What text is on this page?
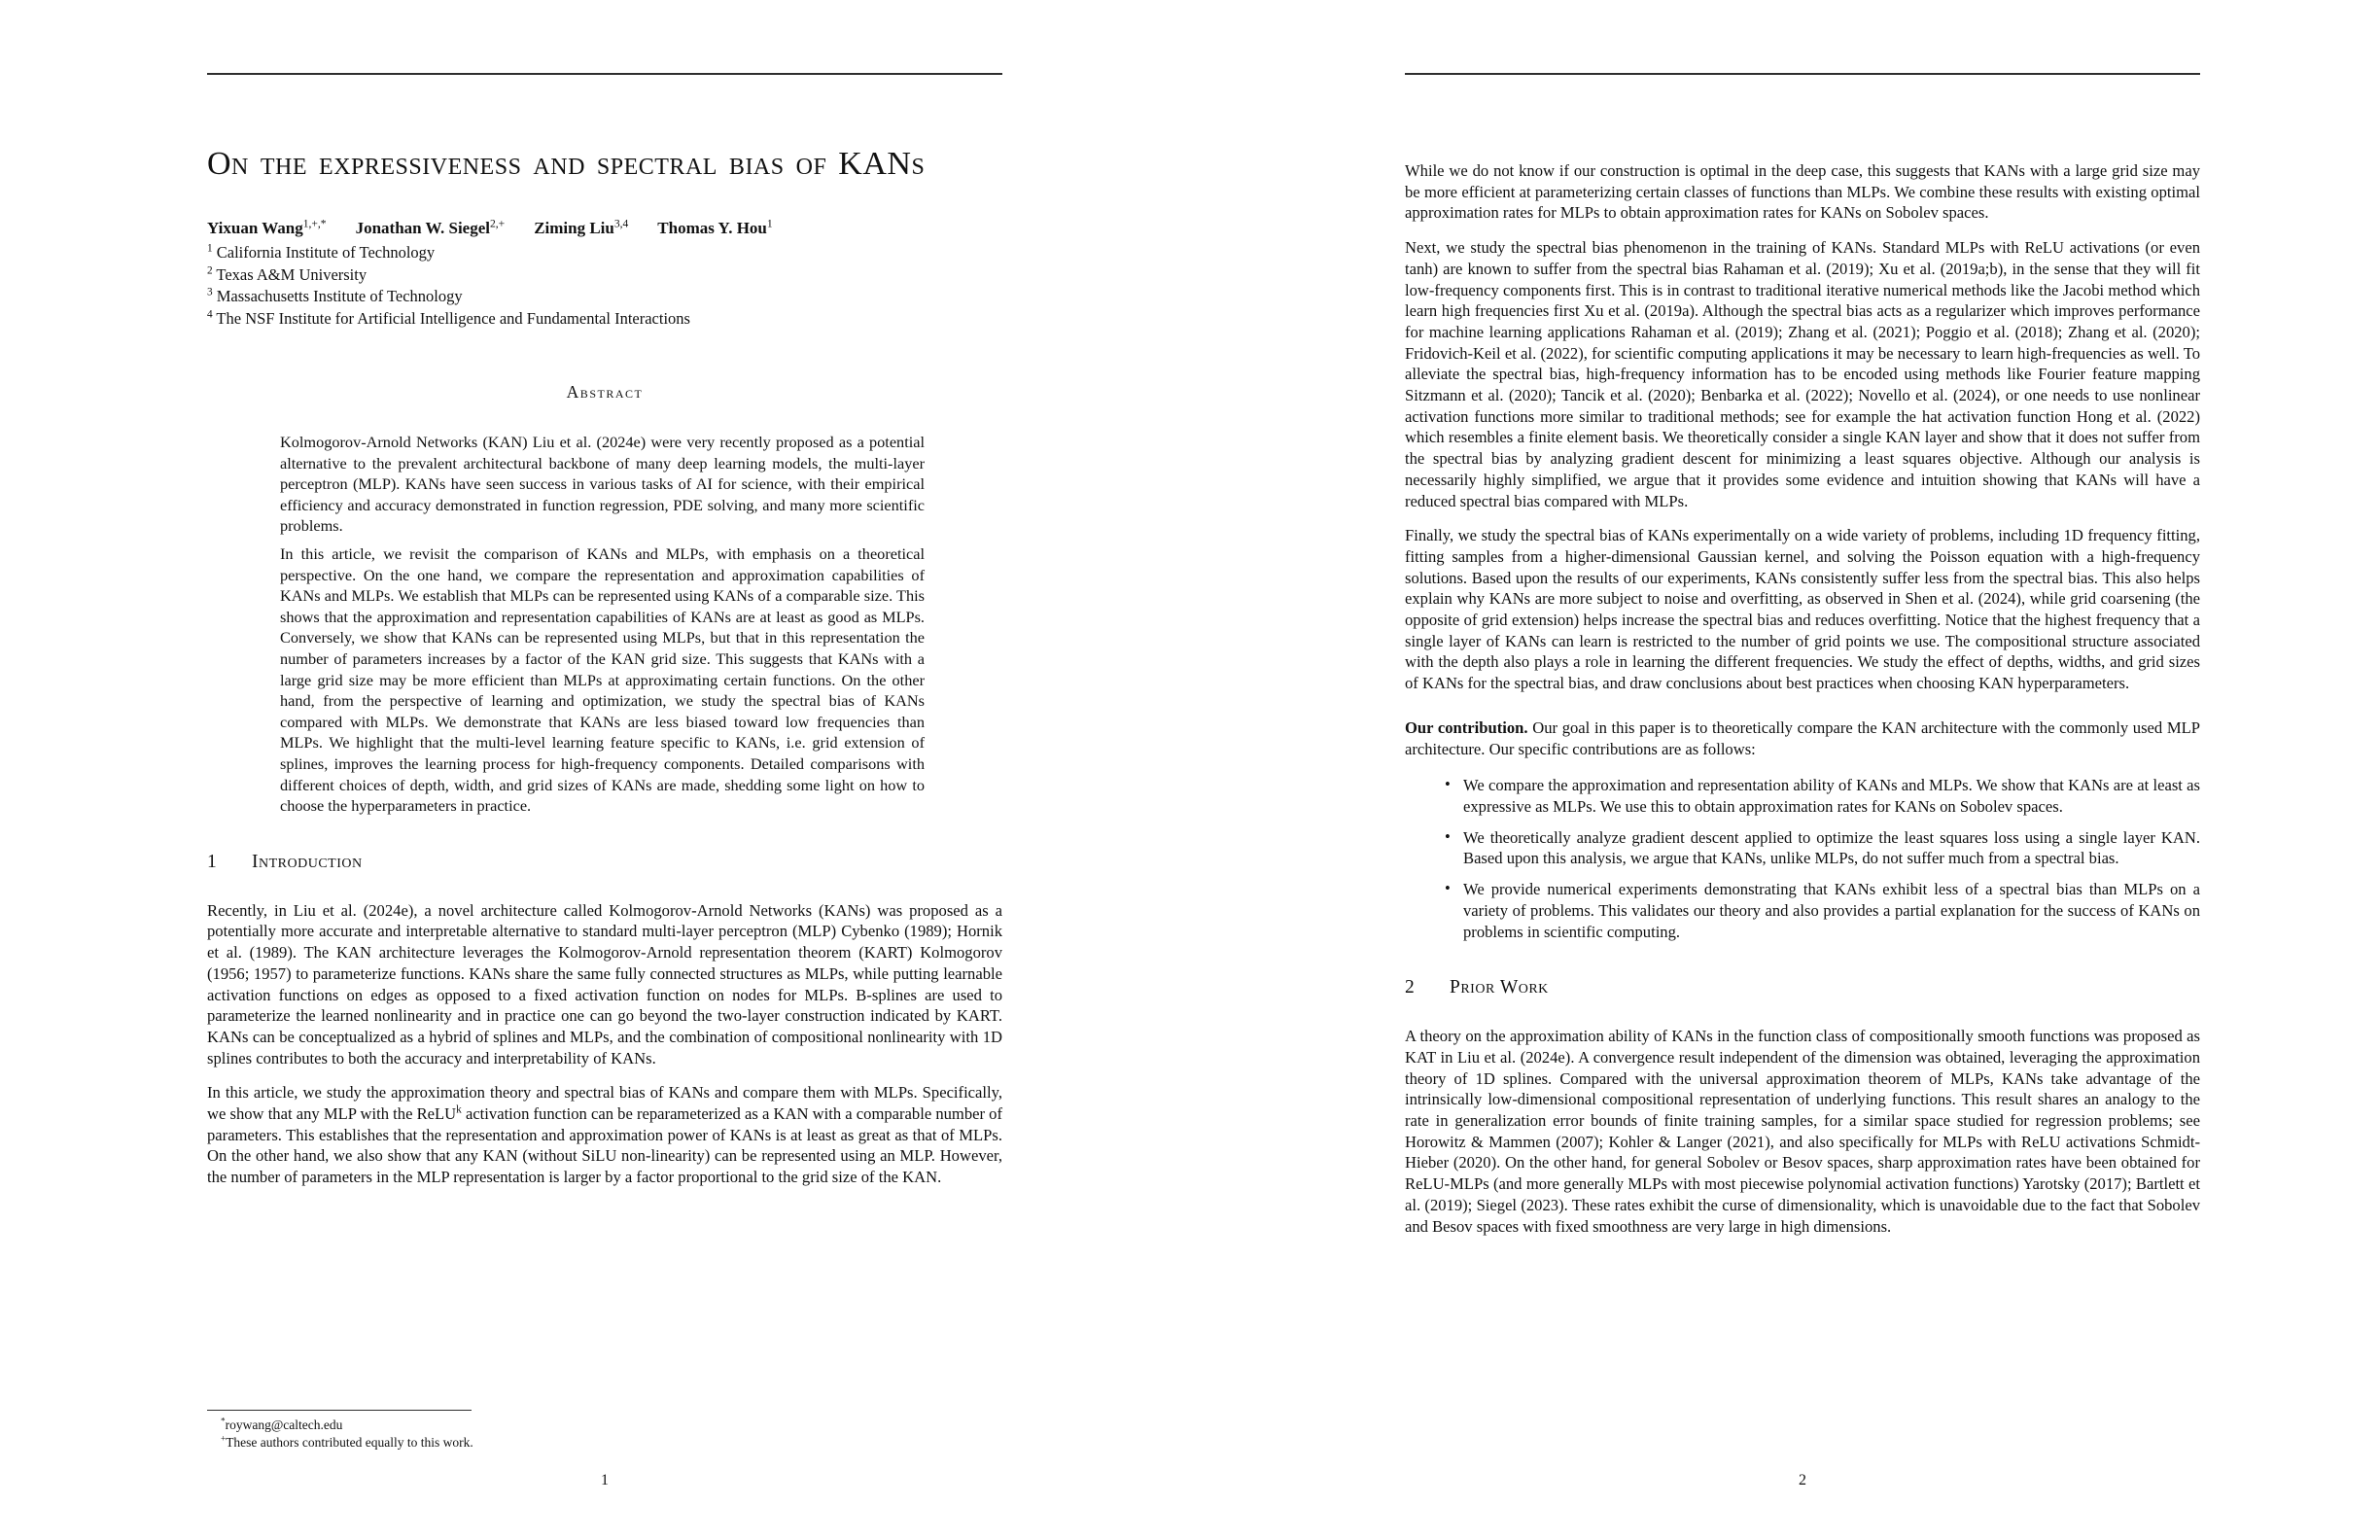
On the expressiveness and spectral bias of KANs
Yixuan Wang$^{1,+,*}$ Jonathan W. Siegel$^{2,+}$ Ziming Liu$^{3,4}$ Thomas Y. Hou$^1$
$^1$ California Institute of Technology
$^2$ Texas A&M University
$^3$ Massachusetts Institute of Technology
$^4$ The NSF Institute for Artificial Intelligence and Fundamental Interactions
Abstract
Kolmogorov-Arnold Networks (KAN) Liu et al. (2024e) were very recently proposed as a potential alternative to the prevalent architectural backbone of many deep learning models, the multi-layer perceptron (MLP). KANs have seen success in various tasks of AI for science, with their empirical efficiency and accuracy demonstrated in function regression, PDE solving, and many more scientific problems.
In this article, we revisit the comparison of KANs and MLPs, with emphasis on a theoretical perspective. On the one hand, we compare the representation and approximation capabilities of KANs and MLPs. We establish that MLPs can be represented using KANs of a comparable size. This shows that the approximation and representation capabilities of KANs are at least as good as MLPs. Conversely, we show that KANs can be represented using MLPs, but that in this representation the number of parameters increases by a factor of the KAN grid size. This suggests that KANs with a large grid size may be more efficient than MLPs at approximating certain functions. On the other hand, from the perspective of learning and optimization, we study the spectral bias of KANs compared with MLPs. We demonstrate that KANs are less biased toward low frequencies than MLPs. We highlight that the multi-level learning feature specific to KANs, i.e. grid extension of splines, improves the learning process for high-frequency components. Detailed comparisons with different choices of depth, width, and grid sizes of KANs are made, shedding some light on how to choose the hyperparameters in practice.
1 Introduction
Recently, in Liu et al. (2024e), a novel architecture called Kolmogorov-Arnold Networks (KANs) was proposed as a potentially more accurate and interpretable alternative to standard multi-layer perceptron (MLP) Cybenko (1989); Hornik et al. (1989). The KAN architecture leverages the Kolmogorov-Arnold representation theorem (KART) Kolmogorov (1956; 1957) to parameterize functions. KANs share the same fully connected structures as MLPs, while putting learnable activation functions on edges as opposed to a fixed activation function on nodes for MLPs. B-splines are used to parameterize the learned nonlinearity and in practice one can go beyond the two-layer construction indicated by KART. KANs can be conceptualized as a hybrid of splines and MLPs, and the combination of compositional nonlinearity with 1D splines contributes to both the accuracy and interpretability of KANs.
In this article, we study the approximation theory and spectral bias of KANs and compare them with MLPs. Specifically, we show that any MLP with the ReLU$^k$ activation function can be reparameterized as a KAN with a comparable number of parameters. This establishes that the representation and approximation power of KANs is at least as great as that of MLPs. On the other hand, we also show that any KAN (without SiLU non-linearity) can be represented using an MLP. However, the number of parameters in the MLP representation is larger by a factor proportional to the grid size of the KAN.
*roywang@caltech.edu
+These authors contributed equally to this work.
1
While we do not know if our construction is optimal in the deep case, this suggests that KANs with a large grid size may be more efficient at parameterizing certain classes of functions than MLPs. We combine these results with existing optimal approximation rates for MLPs to obtain approximation rates for KANs on Sobolev spaces.
Next, we study the spectral bias phenomenon in the training of KANs. Standard MLPs with ReLU activations (or even tanh) are known to suffer from the spectral bias Rahaman et al. (2019); Xu et al. (2019a;b), in the sense that they will fit low-frequency components first. This is in contrast to traditional iterative numerical methods like the Jacobi method which learn high frequencies first Xu et al. (2019a). Although the spectral bias acts as a regularizer which improves performance for machine learning applications Rahaman et al. (2019); Zhang et al. (2021); Poggio et al. (2018); Zhang et al. (2020); Fridovich-Keil et al. (2022), for scientific computing applications it may be necessary to learn high-frequencies as well. To alleviate the spectral bias, high-frequency information has to be encoded using methods like Fourier feature mapping Sitzmann et al. (2020); Tancik et al. (2020); Benbarka et al. (2022); Novello et al. (2024), or one needs to use nonlinear activation functions more similar to traditional methods; see for example the hat activation function Hong et al. (2022) which resembles a finite element basis. We theoretically consider a single KAN layer and show that it does not suffer from the spectral bias by analyzing gradient descent for minimizing a least squares objective. Although our analysis is necessarily highly simplified, we argue that it provides some evidence and intuition showing that KANs will have a reduced spectral bias compared with MLPs.
Finally, we study the spectral bias of KANs experimentally on a wide variety of problems, including 1D frequency fitting, fitting samples from a higher-dimensional Gaussian kernel, and solving the Poisson equation with a high-frequency solutions. Based upon the results of our experiments, KANs consistently suffer less from the spectral bias. This also helps explain why KANs are more subject to noise and overfitting, as observed in Shen et al. (2024), while grid coarsening (the opposite of grid extension) helps increase the spectral bias and reduces overfitting. Notice that the highest frequency that a single layer of KANs can learn is restricted to the number of grid points we use. The compositional structure associated with the depth also plays a role in learning the different frequencies. We study the effect of depths, widths, and grid sizes of KANs for the spectral bias, and draw conclusions about best practices when choosing KAN hyperparameters.
Our contribution. Our goal in this paper is to theoretically compare the KAN architecture with the commonly used MLP architecture. Our specific contributions are as follows:
• We compare the approximation and representation ability of KANs and MLPs. We show that KANs are at least as expressive as MLPs. We use this to obtain approximation rates for KANs on Sobolev spaces.
• We theoretically analyze gradient descent applied to optimize the least squares loss using a single layer KAN. Based upon this analysis, we argue that KANs, unlike MLPs, do not suffer much from a spectral bias.
• We provide numerical experiments demonstrating that KANs exhibit less of a spectral bias than MLPs on a variety of problems. This validates our theory and also provides a partial explanation for the success of KANs on problems in scientific computing.
2 Prior Work
A theory on the approximation ability of KANs in the function class of compositionally smooth functions was proposed as KAT in Liu et al. (2024e). A convergence result independent of the dimension was obtained, leveraging the approximation theory of 1D splines. Compared with the universal approximation theorem of MLPs, KANs take advantage of the intrinsically low-dimensional compositional representation of underlying functions. This result shares an analogy to the rate in generalization error bounds of finite training samples, for a similar space studied for regression problems; see Horowitz & Mammen (2007); Kohler & Langer (2021), and also specifically for MLPs with ReLU activations Schmidt-Hieber (2020). On the other hand, for general Sobolev or Besov spaces, sharp approximation rates have been obtained for ReLU-MLPs (and more generally MLPs with most piecewise polynomial activation functions) Yarotsky (2017); Bartlett et al. (2019); Siegel (2023). These rates exhibit the curse of dimensionality, which is unavoidable due to the fact that Sobolev and Besov spaces with fixed smoothness are very large in high dimensions.
2
